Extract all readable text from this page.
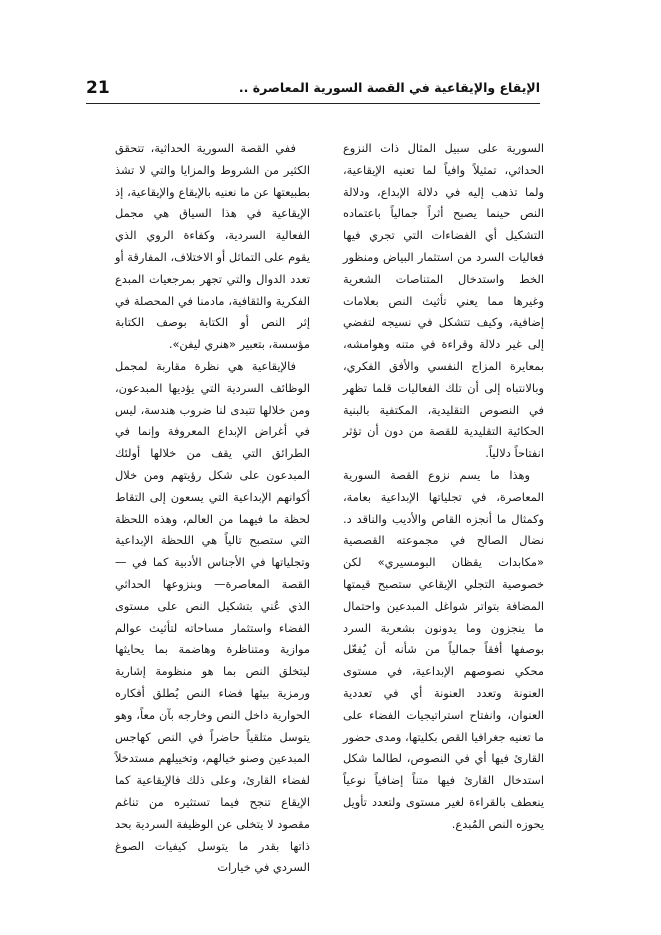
21	الإيقاع والإيقاعية في القصة السورية المعاصرة ..

السورية على سبيل المثال ذات النزوع الحداثي، تمثيلاً وافياً لما تعنيه الإيقاعية، ولما تذهب إليه في دلالة الإبداع، ودلالة النص حينما يصبح أثراً جمالياً باعتماده التشكيل أي الفضاءات التي تجري فيها فعاليات السرد من استثمار البياض ومنظور الخط واستدخال المتناصات الشعرية وغيرها مما يعني تأثيث النص بعلامات إضافية، وكيف تتشكل في نسيجه لتفضي إلى غير دلالة وقراءة في متنه وهوامشه، بمعايرة المزاج النفسي والأفق الفكري، وبالانتباه إلى أن تلك الفعاليات قلما تظهر في النصوص التقليدية، المكتفية بالبنية الحكائية التقليدية للقصة من دون أن تؤثر انفتاحاً دلالياً.

وهذا ما يسم نزوع القصة السورية المعاصرة، في تجلياتها الإبداعية بعامة، وكمثال ما أنجزه القاص والأديب والناقد د. نضال الصالح في مجموعته القصصية «مكابدات يقظان البومسيري» لكن خصوصية التجلي الإيقاعي ستصبح قيمتها المضافة بتواتر شواغل المبدعين واحتمال ما ينجزون وما يدونون بشعرية السرد بوصفها أفقاً جمالياً من شأنه أن يُفعّل محكي نصوصهم الإبداعية، في مستوى العنونة وتعدد العنونة أي في تعددية العنوان، وانفتاح استراتيجيات الفضاء على ما تعنيه جغرافيا القص بكليتها، ومدى حضور القارئ فيها أي في النصوص، لطالما شكل استدخال القارئ فيها متناً إضافياً نوعياً ينعطف بالقراءة لغير مستوى ولتعدد تأويل يحوزه النص المُبدع.

ففي القصة السورية الحداثية، تتحقق الكثير من الشروط والمزايا والتي لا تشذ بطبيعتها عن ما نعنيه بالإيقاع والإيقاعية، إذ الإيقاعية في هذا السياق هي مجمل الفعالية السردية، وكفاءة الروي الذي يقوم على التماثل أو الاختلاف، المفارقة أو تعدد الدوال والتي تجهر بمرجعيات المبدع الفكرية والثقافية، مادمنا في المحصلة في إثر النص أو الكتابة بوصف الكتابة مؤسسة، بتعبير «هنري ليفن».

فالإيقاعية هي نظرة مقاربة لمجمل الوظائف السردية التي يؤديها المبدعون، ومن خلالها تتبدى لنا ضروب هندسة، ليس في أغراض الإبداع المعروفة وإنما في الطرائق التي يقف من خلالها أولئك المبدعون على شكل رؤيتهم ومن خلال أكوانهم الإبداعية التي يسعون إلى التقاط لحظة ما فيهما من العالم، وهذه اللحظة التي ستصبح تالياً هي اللحظة الإبداعية وتجلياتها في الأجناس الأدبية كما في —القصة المعاصرة— وبنزوعها الحداثي الذي عُني بتشكيل النص على مستوى الفضاء واستثمار مساحاته لتأثيث عوالم موازية ومتناظرة وهاضمة بما يحايثها ليتخلق النص بما هو منظومة إشارية ورمزية بيثها فضاء النص يُطلق أفكاره الحوارية داخل النص وخارجه بآن معاً، وهو يتوسل متلقياً حاضراً في النص كهاجس المبدعين وصنو خيالهم، وتخييلهم مستدخلاً لفضاء القارئ، وعلى ذلك فالإيقاعية كما الإيقاع تنجح فيما تستثيره من تناغم مقصود لا يتخلى عن الوظيفة السردية بحد ذاتها بقدر ما يتوسل كيفيات الصوغ السردي في خيارات
